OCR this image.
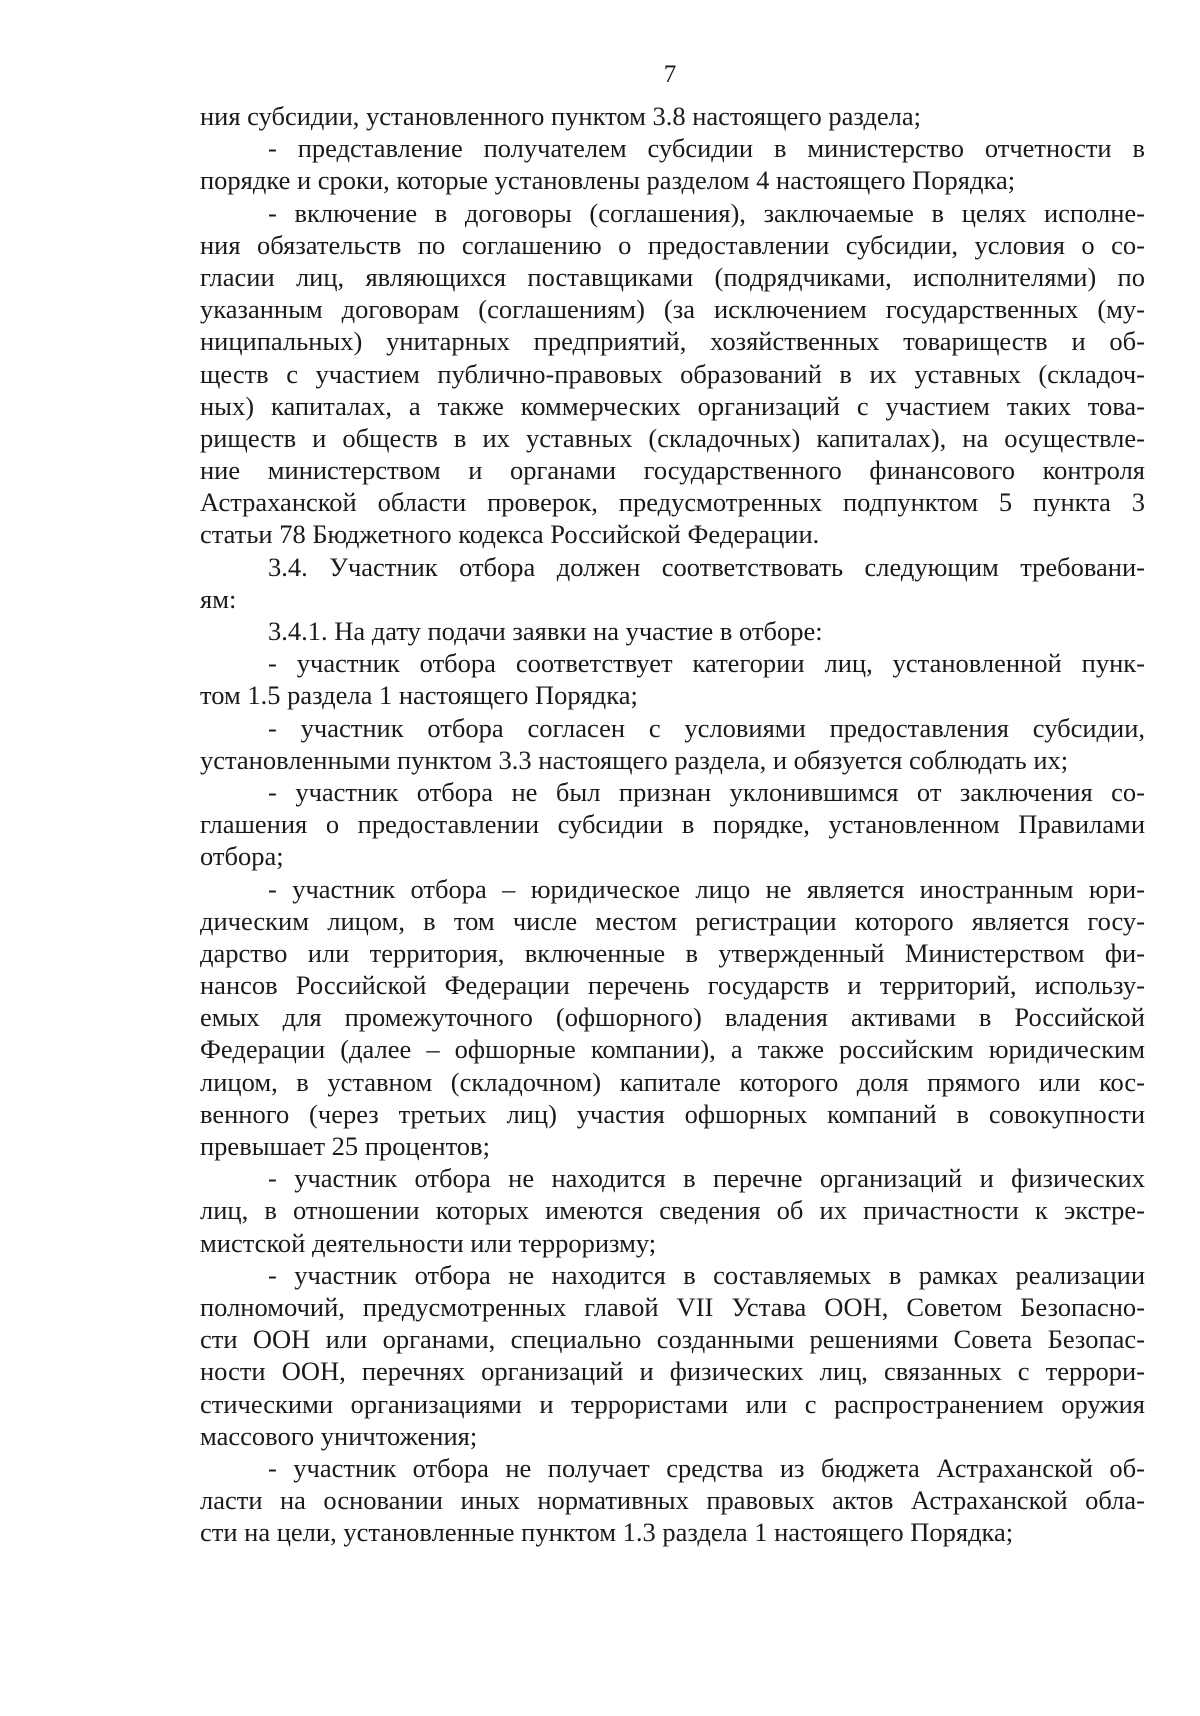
7
ния субсидии, установленного пунктом 3.8 настоящего раздела;
- представление получателем субсидии в министерство отчетности в
порядке и сроки, которые установлены разделом 4 настоящего Порядка;
- включение в договоры (соглашения), заключаемые в целях исполне-
ния обязательств по соглашению о предоставлении субсидии, условия о со-
гласии лиц, являющихся поставщиками (подрядчиками, исполнителями) по
указанным договорам (соглашениям) (за исключением государственных (му-
ниципальных) унитарных предприятий, хозяйственных товариществ и об-
ществ с участием публично-правовых образований в их уставных (складоч-
ных) капиталах, а также коммерческих организаций с участием таких това-
риществ и обществ в их уставных (складочных) капиталах), на осуществле-
ние министерством и органами государственного финансового контроля
Астраханской области проверок, предусмотренных подпунктом 5 пункта 3
статьи 78 Бюджетного кодекса Российской Федерации.
3.4. Участник отбора должен соответствовать следующим требовани-
ям:
3.4.1. На дату подачи заявки на участие в отборе:
- участник отбора соответствует категории лиц, установленной пунк-
том 1.5 раздела 1 настоящего Порядка;
- участник отбора согласен с условиями предоставления субсидии,
установленными пунктом 3.3 настоящего раздела, и обязуется соблюдать их;
- участник отбора не был признан уклонившимся от заключения со-
глашения о предоставлении субсидии в порядке, установленном Правилами
отбора;
- участник отбора – юридическое лицо не является иностранным юри-
дическим лицом, в том числе местом регистрации которого является госу-
дарство или территория, включенные в утвержденный Министерством фи-
нансов Российской Федерации перечень государств и территорий, использу-
емых для промежуточного (офшорного) владения активами в Российской
Федерации (далее – офшорные компании), а также российским юридическим
лицом, в уставном (складочном) капитале которого доля прямого или кос-
венного (через третьих лиц) участия офшорных компаний в совокупности
превышает 25 процентов;
- участник отбора не находится в перечне организаций и физических
лиц, в отношении которых имеются сведения об их причастности к экстре-
мистской деятельности или терроризму;
- участник отбора не находится в составляемых в рамках реализации
полномочий, предусмотренных главой VII Устава ООН, Советом Безопасно-
сти ООН или органами, специально созданными решениями Совета Безопас-
ности ООН, перечнях организаций и физических лиц, связанных с террори-
стическими организациями и террористами или с распространением оружия
массового уничтожения;
- участник отбора не получает средства из бюджета Астраханской об-
ласти на основании иных нормативных правовых актов Астраханской обла-
сти на цели, установленные пунктом 1.3 раздела 1 настоящего Порядка;
